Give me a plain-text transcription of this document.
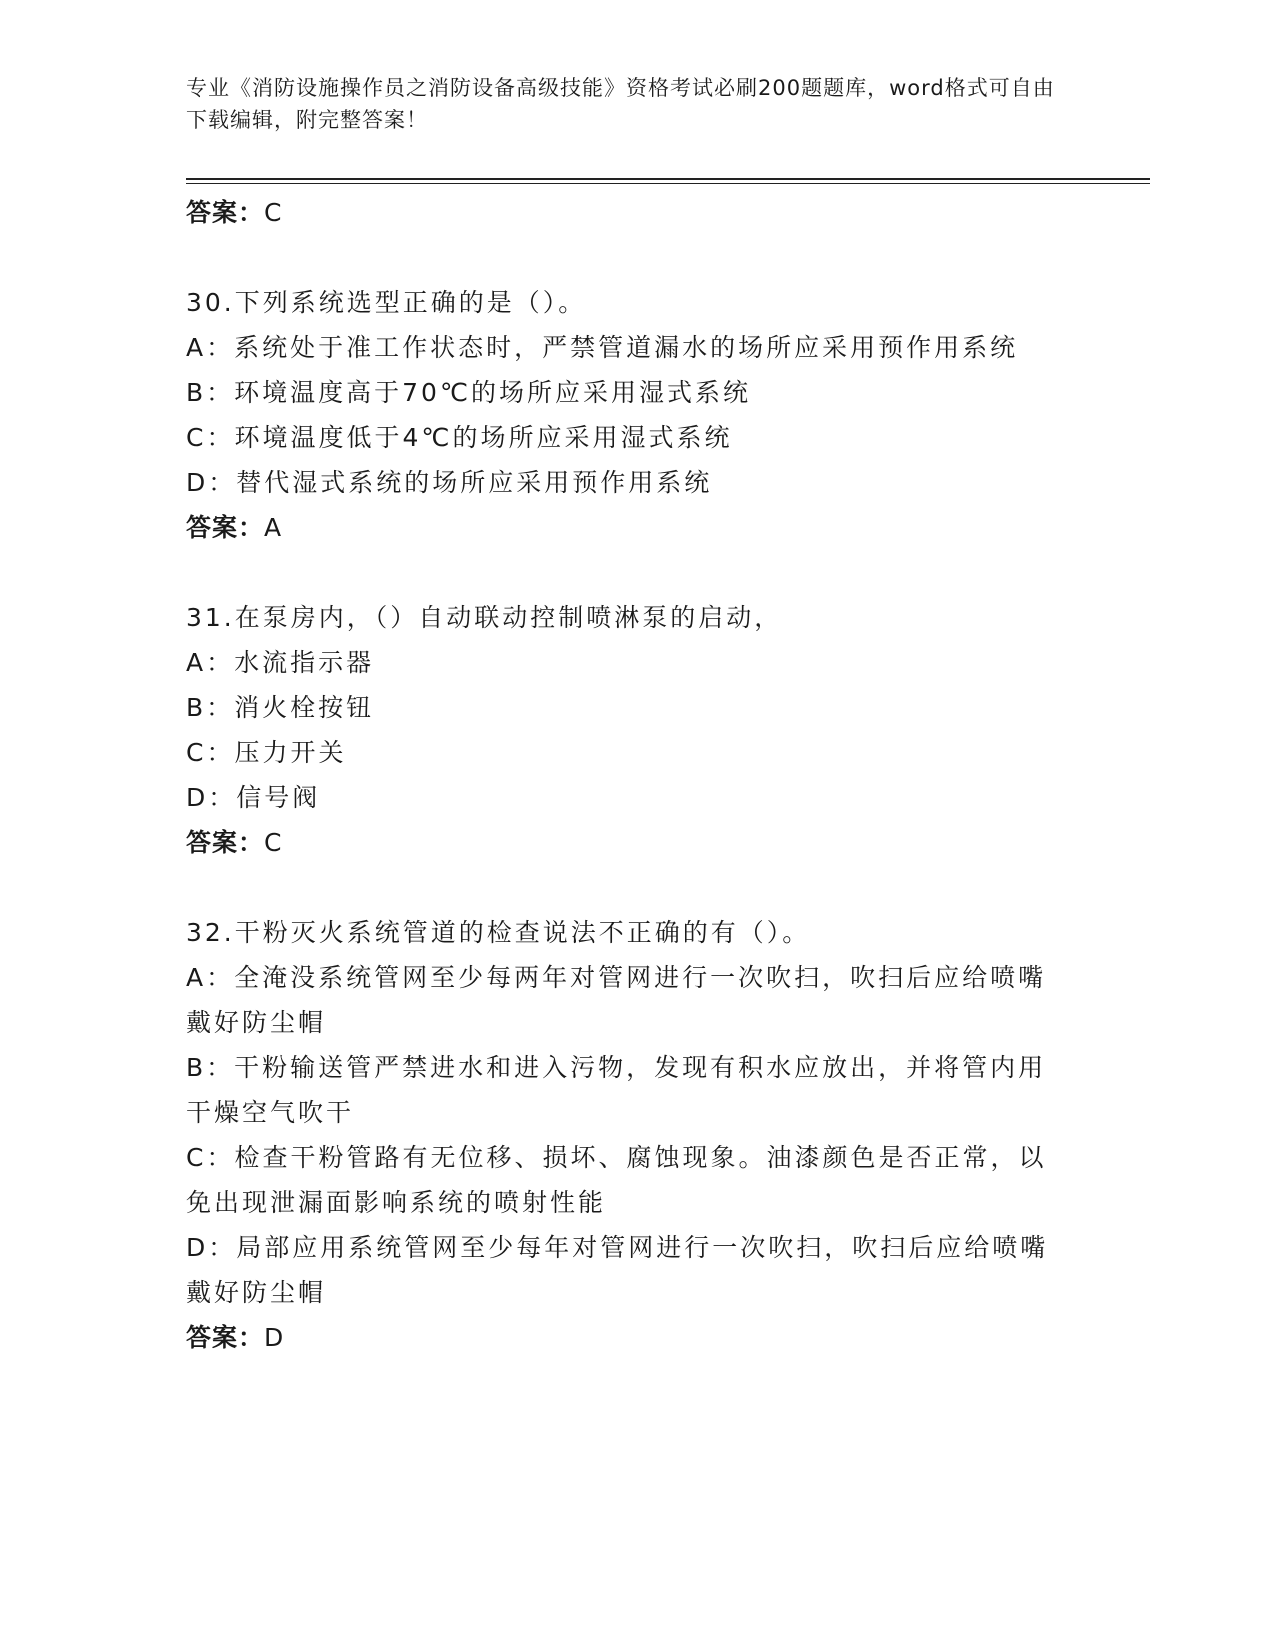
专业《消防设施操作员之消防设备高级技能》资格考试必刷200题题库，word格式可自由下载编辑，附完整答案！

答案：C

30.下列系统选型正确的是（）。

A：系统处于准工作状态时，严禁管道漏水的场所应采用预作用系统

B：环境温度高于70℃的场所应采用湿式系统

C：环境温度低于4℃的场所应采用湿式系统

D：替代湿式系统的场所应采用预作用系统

答案：A

31.在泵房内，（）自动联动控制喷淋泵的启动，

A：水流指示器

B：消火栓按钮

C：压力开关

D：信号阀

答案：C

32.干粉灭火系统管道的检查说法不正确的有（）。

A：全淹没系统管网至少每两年对管网进行一次吹扫，吹扫后应给喷嘴戴好防尘帽

B：干粉输送管严禁进水和进入污物，发现有积水应放出，并将管内用干燥空气吹干

C：检查干粉管路有无位移、损坏、腐蚀现象。油漆颜色是否正常，以免出现泄漏面影响系统的喷射性能

D：局部应用系统管网至少每年对管网进行一次吹扫，吹扫后应给喷嘴戴好防尘帽

答案：D
